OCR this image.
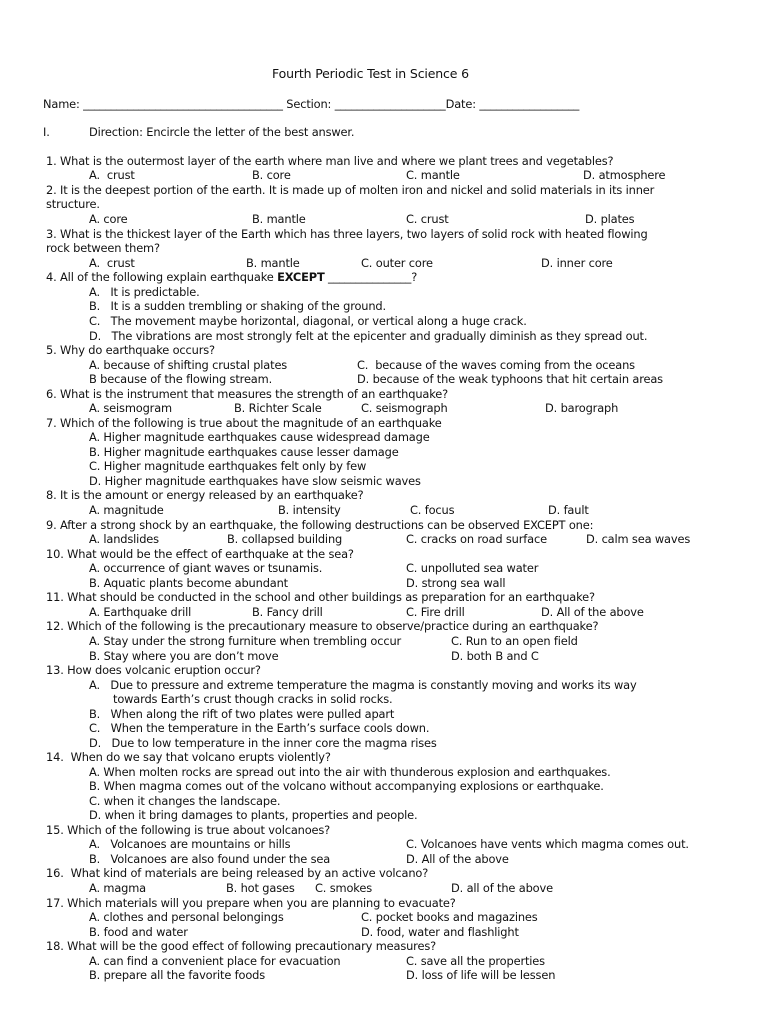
Fourth Periodic Test in Science 6
Name: ____________________________________ Section: ____________________Date: __________________
I.	Direction: Encircle the letter of the best answer.
1. What is the outermost layer of the earth where man live and where we plant trees and vegetables?
A.  crust	B. core	C. mantle	D. atmosphere
2. It is the deepest portion of the earth. It is made up of molten iron and nickel and solid materials in its inner
structure.
A. core	B. mantle	C. crust	D. plates
3. What is the thickest layer of the Earth which has three layers, two layers of solid rock with heated flowing
rock between them?
A.  crust	B. mantle	C. outer core	D. inner core
4. All of the following explain earthquake EXCEPT _______________?
A.   It is predictable.
B.   It is a sudden trembling or shaking of the ground.
C.   The movement maybe horizontal, diagonal, or vertical along a huge crack.
D.   The vibrations are most strongly felt at the epicenter and gradually diminish as they spread out.
5. Why do earthquake occurs?
A. because of shifting crustal plates	C.  because of the waves coming from the oceans
B because of the flowing stream.	D. because of the weak typhoons that hit certain areas
6. What is the instrument that measures the strength of an earthquake?
A. seismogram	B. Richter Scale	C. seismograph	D. barograph
7. Which of the following is true about the magnitude of an earthquake
A. Higher magnitude earthquakes cause widespread damage
B. Higher magnitude earthquakes cause lesser damage
C. Higher magnitude earthquakes felt only by few
D. Higher magnitude earthquakes have slow seismic waves
8. It is the amount or energy released by an earthquake?
A. magnitude	B. intensity	C. focus	D. fault
9. After a strong shock by an earthquake, the following destructions can be observed EXCEPT one:
A. landslides	B. collapsed building	C. cracks on road surface	D. calm sea waves
10. What would be the effect of earthquake at the sea?
A. occurrence of giant waves or tsunamis.	C. unpolluted sea water
B. Aquatic plants become abundant	D. strong sea wall
11. What should be conducted in the school and other buildings as preparation for an earthquake?
A. Earthquake drill	B. Fancy drill	C. Fire drill	D. All of the above
12. Which of the following is the precautionary measure to observe/practice during an earthquake?
A. Stay under the strong furniture when trembling occur	C. Run to an open field
B. Stay where you are don’t move	D. both B and C
13. How does volcanic eruption occur?
A.   Due to pressure and extreme temperature the magma is constantly moving and works its way
towards Earth’s crust though cracks in solid rocks.
B.   When along the rift of two plates were pulled apart
C.   When the temperature in the Earth’s surface cools down.
D.   Due to low temperature in the inner core the magma rises
14.  When do we say that volcano erupts violently?
A. When molten rocks are spread out into the air with thunderous explosion and earthquakes.
B. When magma comes out of the volcano without accompanying explosions or earthquake.
C. when it changes the landscape.
D. when it bring damages to plants, properties and people.
15. Which of the following is true about volcanoes?
A.   Volcanoes are mountains or hills	C. Volcanoes have vents which magma comes out.
B.   Volcanoes are also found under the sea	D. All of the above
16.  What kind of materials are being released by an active volcano?
A. magma	B. hot gases C. smokes	D. all of the above
17. Which materials will you prepare when you are planning to evacuate?
A. clothes and personal belongings	C. pocket books and magazines
B. food and water	D. food, water and flashlight
18. What will be the good effect of following precautionary measures?
A. can find a convenient place for evacuation	C. save all the properties
B. prepare all the favorite foods	D. loss of life will be lessen
